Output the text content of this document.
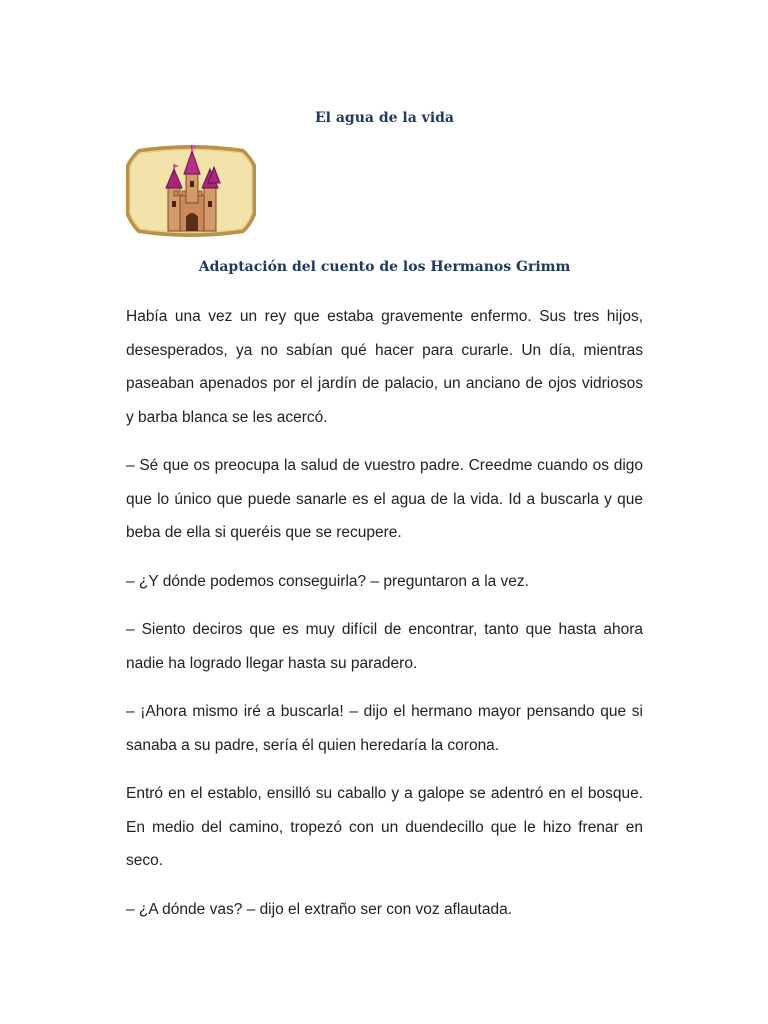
El agua de la vida
Adaptación del cuento de los Hermanos Grimm

Había una vez un rey que estaba gravemente enfermo. Sus tres hijos, desesperados, ya no sabían qué hacer para curarle. Un día, mientras paseaban apenados por el jardín de palacio, un anciano de ojos vidriosos y barba blanca se les acercó.

– Sé que os preocupa la salud de vuestro padre. Creedme cuando os digo que lo único que puede sanarle es el agua de la vida. Id a buscarla y que beba de ella si queréis que se recupere.

– ¿Y dónde podemos conseguirla? – preguntaron a la vez.

– Siento deciros que es muy difícil de encontrar, tanto que hasta ahora nadie ha logrado llegar hasta su paradero.

– ¡Ahora mismo iré a buscarla! – dijo el hermano mayor pensando que si sanaba a su padre, sería él quien heredaría la corona.

Entró en el establo, ensilló su caballo y a galope se adentró en el bosque. En medio del camino, tropezó con un duendecillo que le hizo frenar en seco.

– ¿A dónde vas? – dijo el extraño ser con voz aflautada.
